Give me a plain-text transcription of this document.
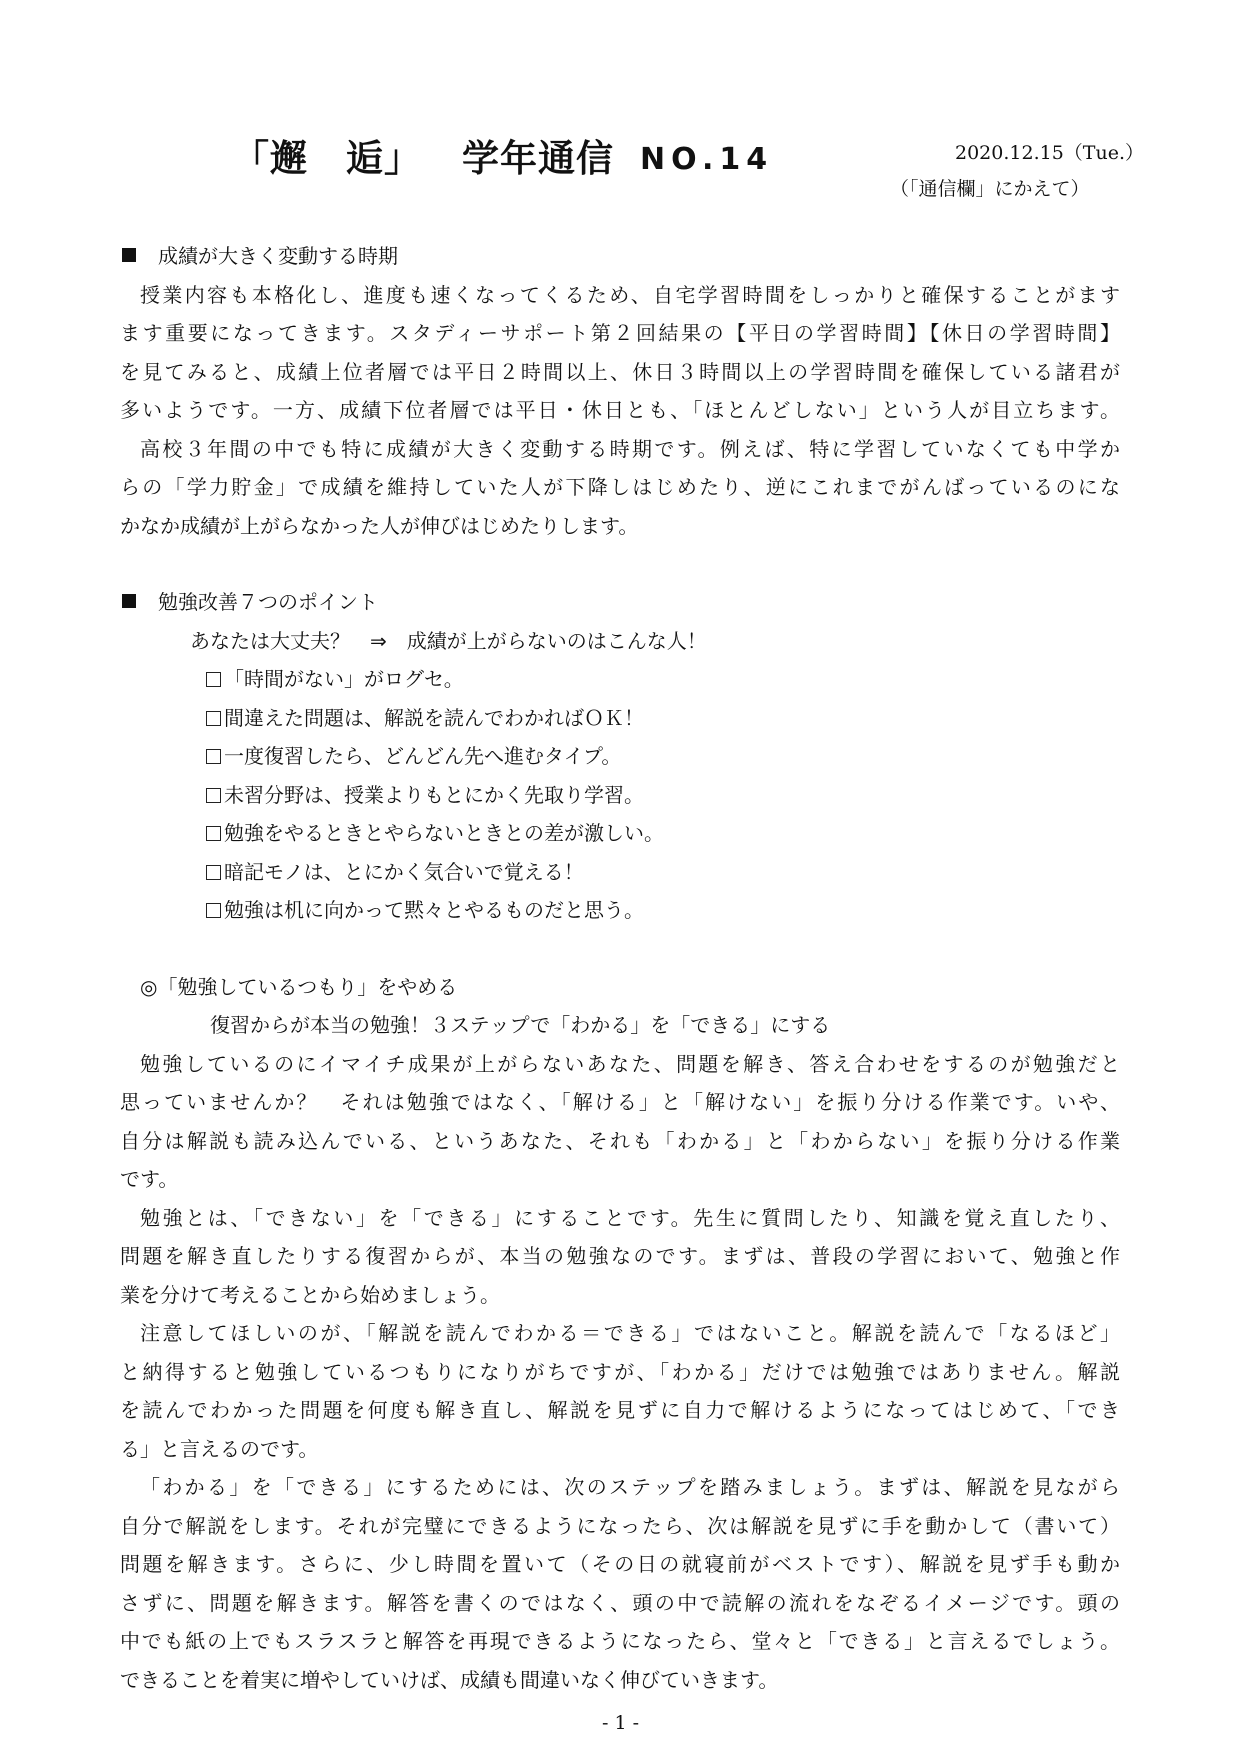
「邂　逅」 学年通信 NO.14	2020.12.15（Tue.）
（「通信欄」にかえて）
成績が大きく変動する時期
授業内容も本格化し、進度も速くなってくるため、自宅学習時間をしっかりと確保することがます
ます重要になってきます。スタディーサポート第２回結果の【平日の学習時間】【休日の学習時間】
を見てみると、成績上位者層では平日２時間以上、休日３時間以上の学習時間を確保している諸君が
多いようです。一方、成績下位者層では平日・休日とも、「ほとんどしない」という人が目立ちます。
高校３年間の中でも特に成績が大きく変動する時期です。例えば、特に学習していなくても中学か
らの「学力貯金」で成績を維持していた人が下降しはじめたり、逆にこれまでがんばっているのにな
かなか成績が上がらなかった人が伸びはじめたりします。
勉強改善７つのポイント
あなたは大丈夫？　⇒　成績が上がらないのはこんな人！
「時間がない」がログセ。
間違えた問題は、解説を読んでわかればＯＫ！
一度復習したら、どんどん先へ進むタイプ。
未習分野は、授業よりもとにかく先取り学習。
勉強をやるときとやらないときとの差が激しい。
暗記モノは、とにかく気合いで覚える！
勉強は机に向かって黙々とやるものだと思う。
◎「勉強しているつもり」をやめる
復習からが本当の勉強！３ステップで「わかる」を「できる」にする
勉強しているのにイマイチ成果が上がらないあなた、問題を解き、答え合わせをするのが勉強だと
思っていませんか？　それは勉強ではなく、「解ける」と「解けない」を振り分ける作業です。いや、
自分は解説も読み込んでいる、というあなた、それも「わかる」と「わからない」を振り分ける作業
です。
勉強とは、「できない」を「できる」にすることです。先生に質問したり、知識を覚え直したり、
問題を解き直したりする復習からが、本当の勉強なのです。まずは、普段の学習において、勉強と作
業を分けて考えることから始めましょう。
注意してほしいのが、「解説を読んでわかる＝できる」ではないこと。解説を読んで「なるほど」
と納得すると勉強しているつもりになりがちですが、「わかる」だけでは勉強ではありません。解説
を読んでわかった問題を何度も解き直し、解説を見ずに自力で解けるようになってはじめて、「でき
る」と言えるのです。
「わかる」を「できる」にするためには、次のステップを踏みましょう。まずは、解説を見ながら
自分で解説をします。それが完璧にできるようになったら、次は解説を見ずに手を動かして（書いて）
問題を解きます。さらに、少し時間を置いて（その日の就寝前がベストです）、解説を見ず手も動か
さずに、問題を解きます。解答を書くのではなく、頭の中で読解の流れをなぞるイメージです。頭の
中でも紙の上でもスラスラと解答を再現できるようになったら、堂々と「できる」と言えるでしょう。
できることを着実に増やしていけば、成績も間違いなく伸びていきます。
- 1 -
